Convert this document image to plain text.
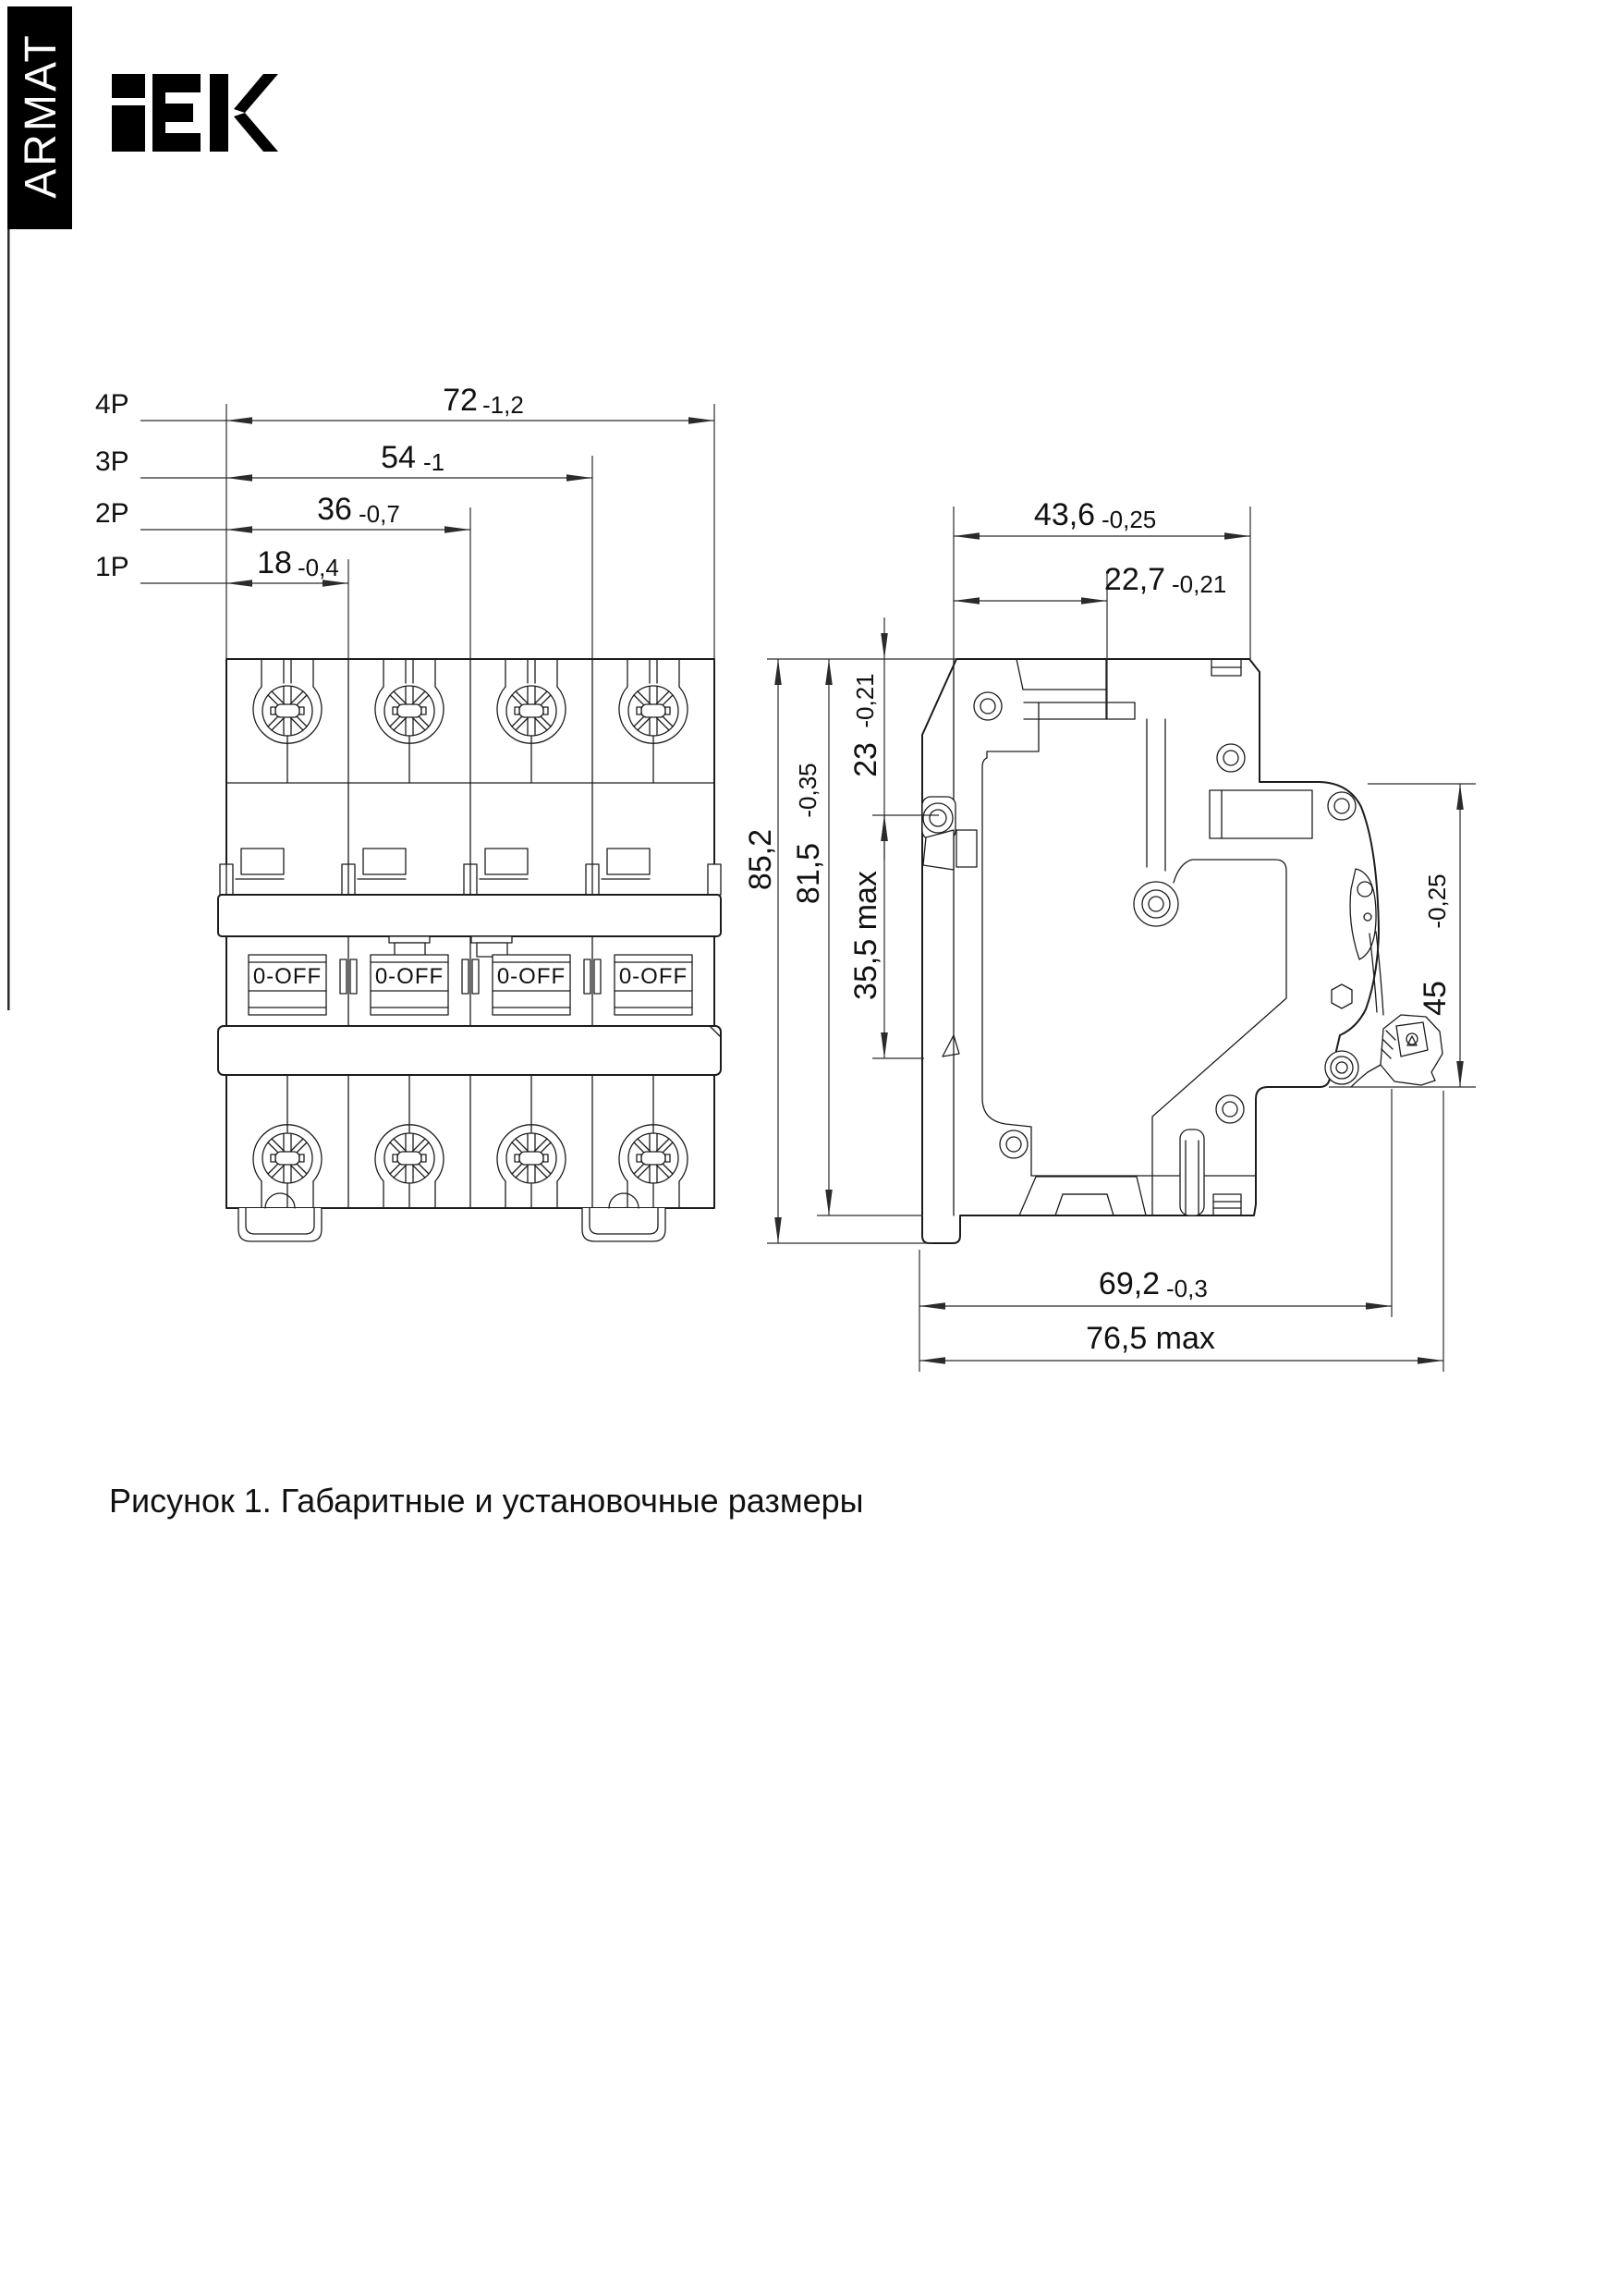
ARMAT
0-OFF 0-OFF 0-OFF 0-OFF
4P	72 -1,2
3P	54 -1
2P	36 -0,7
1P	18 -0,4
43,6 -0,25
22,7 -0,21
85,2 81,5
-0,35
23
-0,21
35,5 max	45
-0,25
69,2 -0,3
76,5 max
Рисунок 1. Габаритные и установочные размеры
